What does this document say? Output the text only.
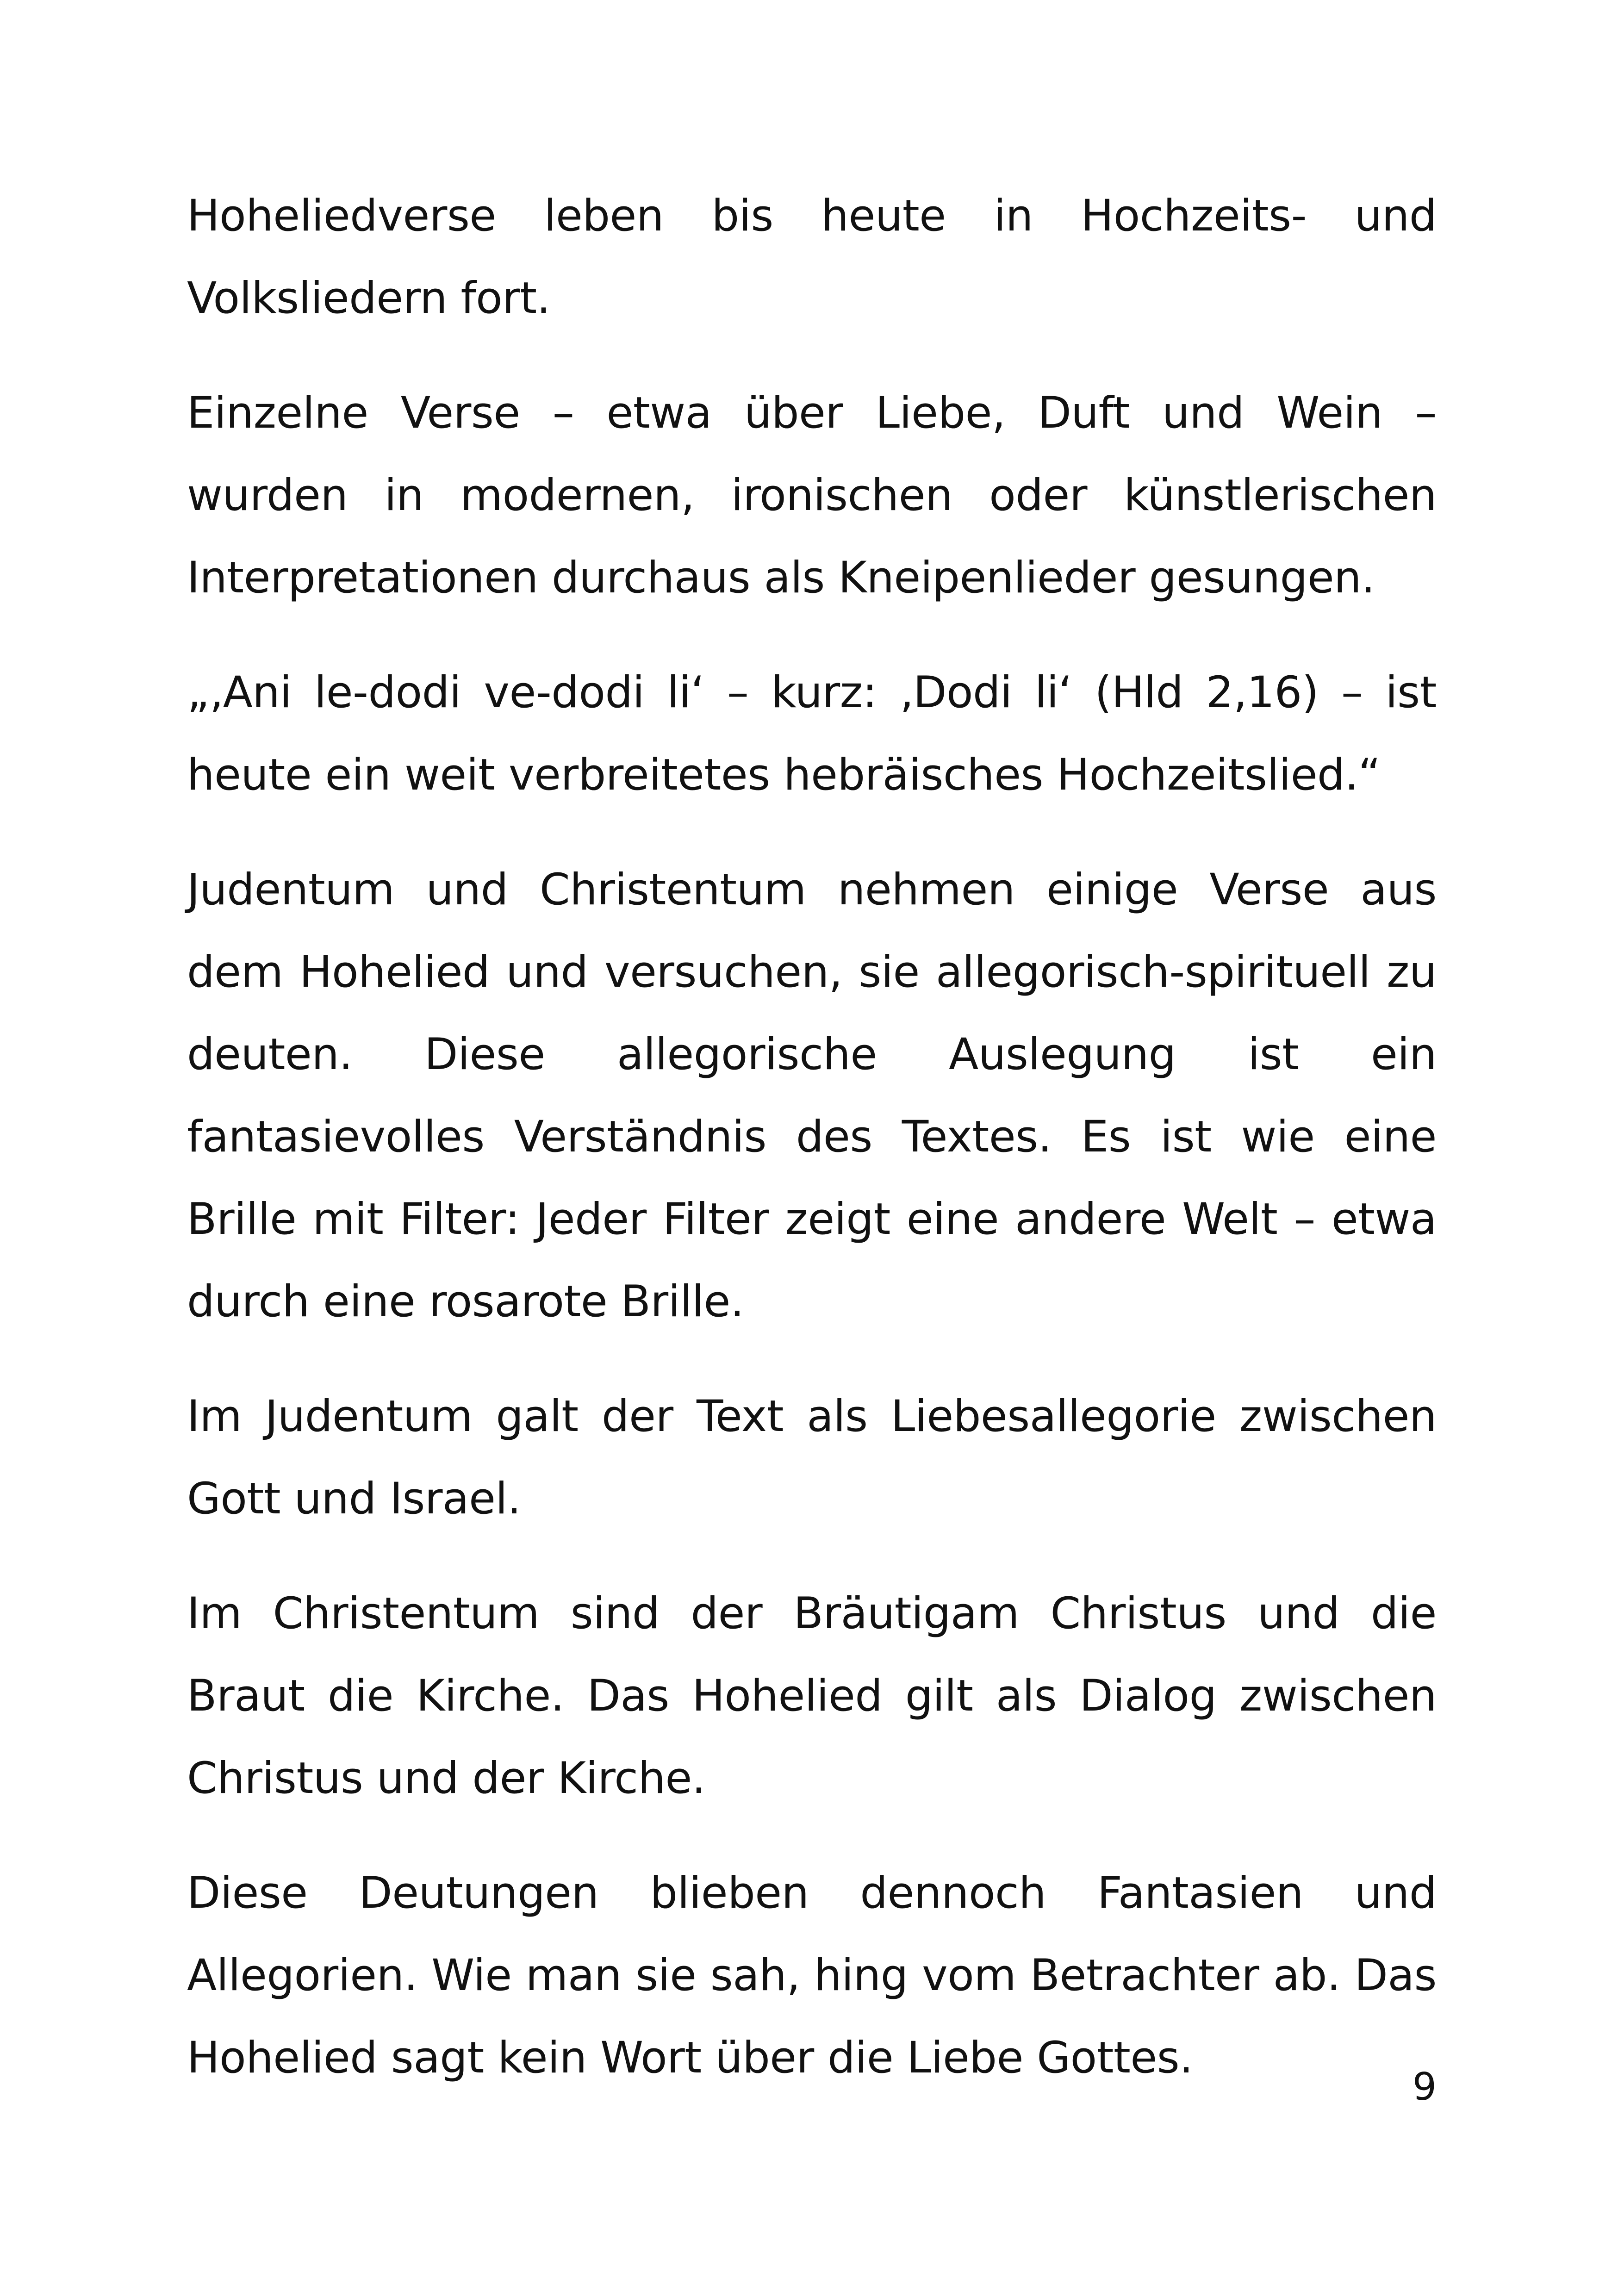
Hoheliedverse leben bis heute in Hochzeits- und Volksliedern fort.

Einzelne Verse – etwa über Liebe, Duft und Wein – wurden in modernen, ironischen oder künstlerischen Interpretationen durchaus als Kneipenlieder gesungen.

„‚Ani le-dodi ve-dodi li‘ – kurz: ‚Dodi li‘ (Hld 2,16) – ist heute ein weit verbreitetes hebräisches Hochzeitslied.“

Judentum und Christentum nehmen einige Verse aus dem Hohelied und versuchen, sie allegorisch-spirituell zu deuten. Diese allegorische Auslegung ist ein fantasievolles Verständnis des Textes. Es ist wie eine Brille mit Filter: Jeder Filter zeigt eine andere Welt – etwa durch eine rosarote Brille.

Im Judentum galt der Text als Liebesallegorie zwischen Gott und Israel.

Im Christentum sind der Bräutigam Christus und die Braut die Kirche. Das Hohelied gilt als Dialog zwischen Christus und der Kirche.

Diese Deutungen blieben dennoch Fantasien und Allegorien. Wie man sie sah, hing vom Betrachter ab. Das Hohelied sagt kein Wort über die Liebe Gottes.

9
